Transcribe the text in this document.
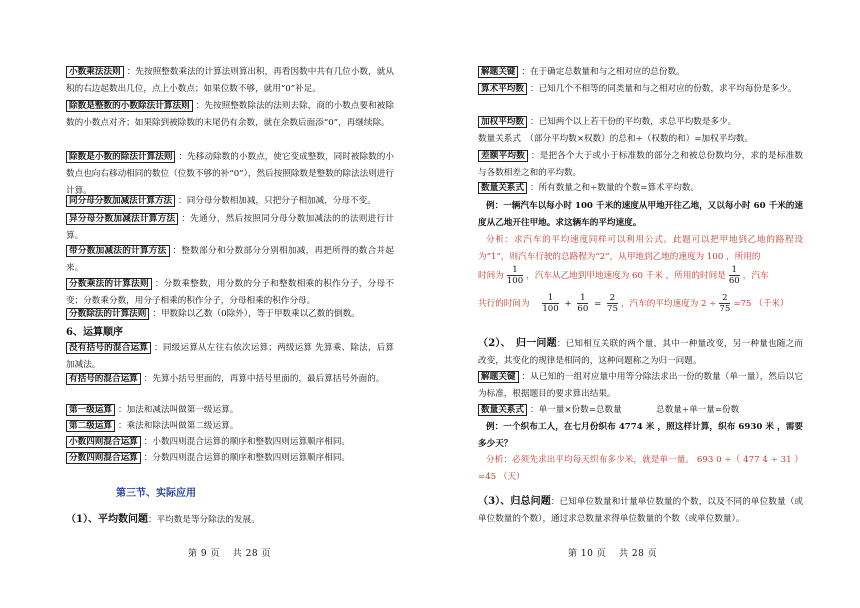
小数乘法法则 ：先按照整数乘法的计算法则算出积，再看因数中共有几位小数，就从积的右边起数出几位，点上小数点；如果位数不够，就用“0”补足。
除数是整数的小数除法计算法则 ：先按照整数除法的法则去除，商的小数点要和被除数的小数点对齐；如果除到被除数的末尾仍有余数，就在余数后面添“0”，再继续除。
除数是小数的除法计算法则 ：先移动除数的小数点，使它变成整数，同时被除数的小数点也向右移动相同的数位（位数不够的补“0”），然后按照除数是整数的除法法则进行计算。
同分母分数加减法计算方法 ：同分母分数相加减，只把分子相加减，分母不变。
异分母分数加减法计算方法 ：先通分，然后按照同分母分数加减法的的法则进行计算。
带分数加减法的计算方法 ：整数部分和分数部分分别相加减，再把所得的数合并起来。
分数乘法的计算法则 ：分数乘整数，用分数的分子和整数相乘的积作分子，分母不变；分数乘分数，用分子相乘的积作分子，分母相乘的积作分母。
分数除法的计算法则 ：甲数除以乙数（0除外），等于甲数乘以乙数的倒数。
6、运算顺序
没有括号的混合运算 ：同级运算从左往右依次运算；两级运算 先算乘、除法，后算加减法。
有括号的混合运算 ：先算小括号里面的，再算中括号里面的，最后算括号外面的。
第一级运算 ：加法和减法叫做第一级运算。
第二级运算 ：乘法和除法叫做第二级运算。
小数四则混合运算 ：小数四则混合运算的顺序和整数四则运算顺序相同。
分数四则混合运算 ：分数四则混合运算的顺序和整数四则运算顺序相同。
第三节、实际应用
（1）、平均数问题：平均数是等分除法的发展。
第 9 页　 共 28 页
解题关键 ：在于确定总数量和与之相对应的总份数。
算术平均数 ：已知几个不相等的同类量和与之相对应的份数，求平均每份是多少。
加权平均数 ：已知两个以上若干份的平均数，求总平均数是多少。
数量关系式　（部分平均数×权数）的总和÷（权数的和）=加权平均数。
差额平均数 ：是把各个大于或小于标准数的部分之和被总份数均分，求的是标准数与各数相差之和的平均数。
数量关系式 ：所有数量之和÷数量的个数=算术平均数。
例：一辆汽车以每小时 100 千米的速度从甲地开往乙地，又以每小时 60 千米的速度从乙地开往甲地。求这辆车的平均速度。
分析：求汽车的平均速度同样可以利用公式。此题可以把甲地到乙地的路程设为“1”，则汽车行驶的总路程为“2”，从甲地到乙地的速度为 100 ，所用的
时间为 $\frac{1}{100}$ ，汽车从乙地到甲地速度为 60 千米 ，所用的时间是 $\frac{1}{60}$ ，汽车
共行的时间为 $\frac{1}{100} + \frac{1}{60} = \frac{2}{75}$ ，汽车的平均速度为 $2 \div \frac{2}{75} =75$ （千米）
（2）、　归一问题：已知相互关联的两个量，其中一种量改变，另一种量也随之而改变，其变化的规律是相同的，这种问题称之为归一问题。
解题关键 ：从已知的一组对应量中用等分除法求出一份的数量（单一量），然后以它为标准，根据题目的要求算出结果。
数量关系式 ：单一量×份数=总数量　　　　总数量÷单一量=份数
例：一个织布工人，在七月份织布 4774 米 ，照这样计算，织布 6930 米 ，需要多少天？
分析：必须先求出平均每天织布多少米，就是单一量。 693 0 ÷（ 477 4 ÷ 31 ）=45 （天）
（3）、归总问题：已知单位数量和计量单位数量的个数，以及不同的单位数量（或单位数量的个数），通过求总数量求得单位数量的个数（或单位数量）。
第 10 页　 共 28 页
